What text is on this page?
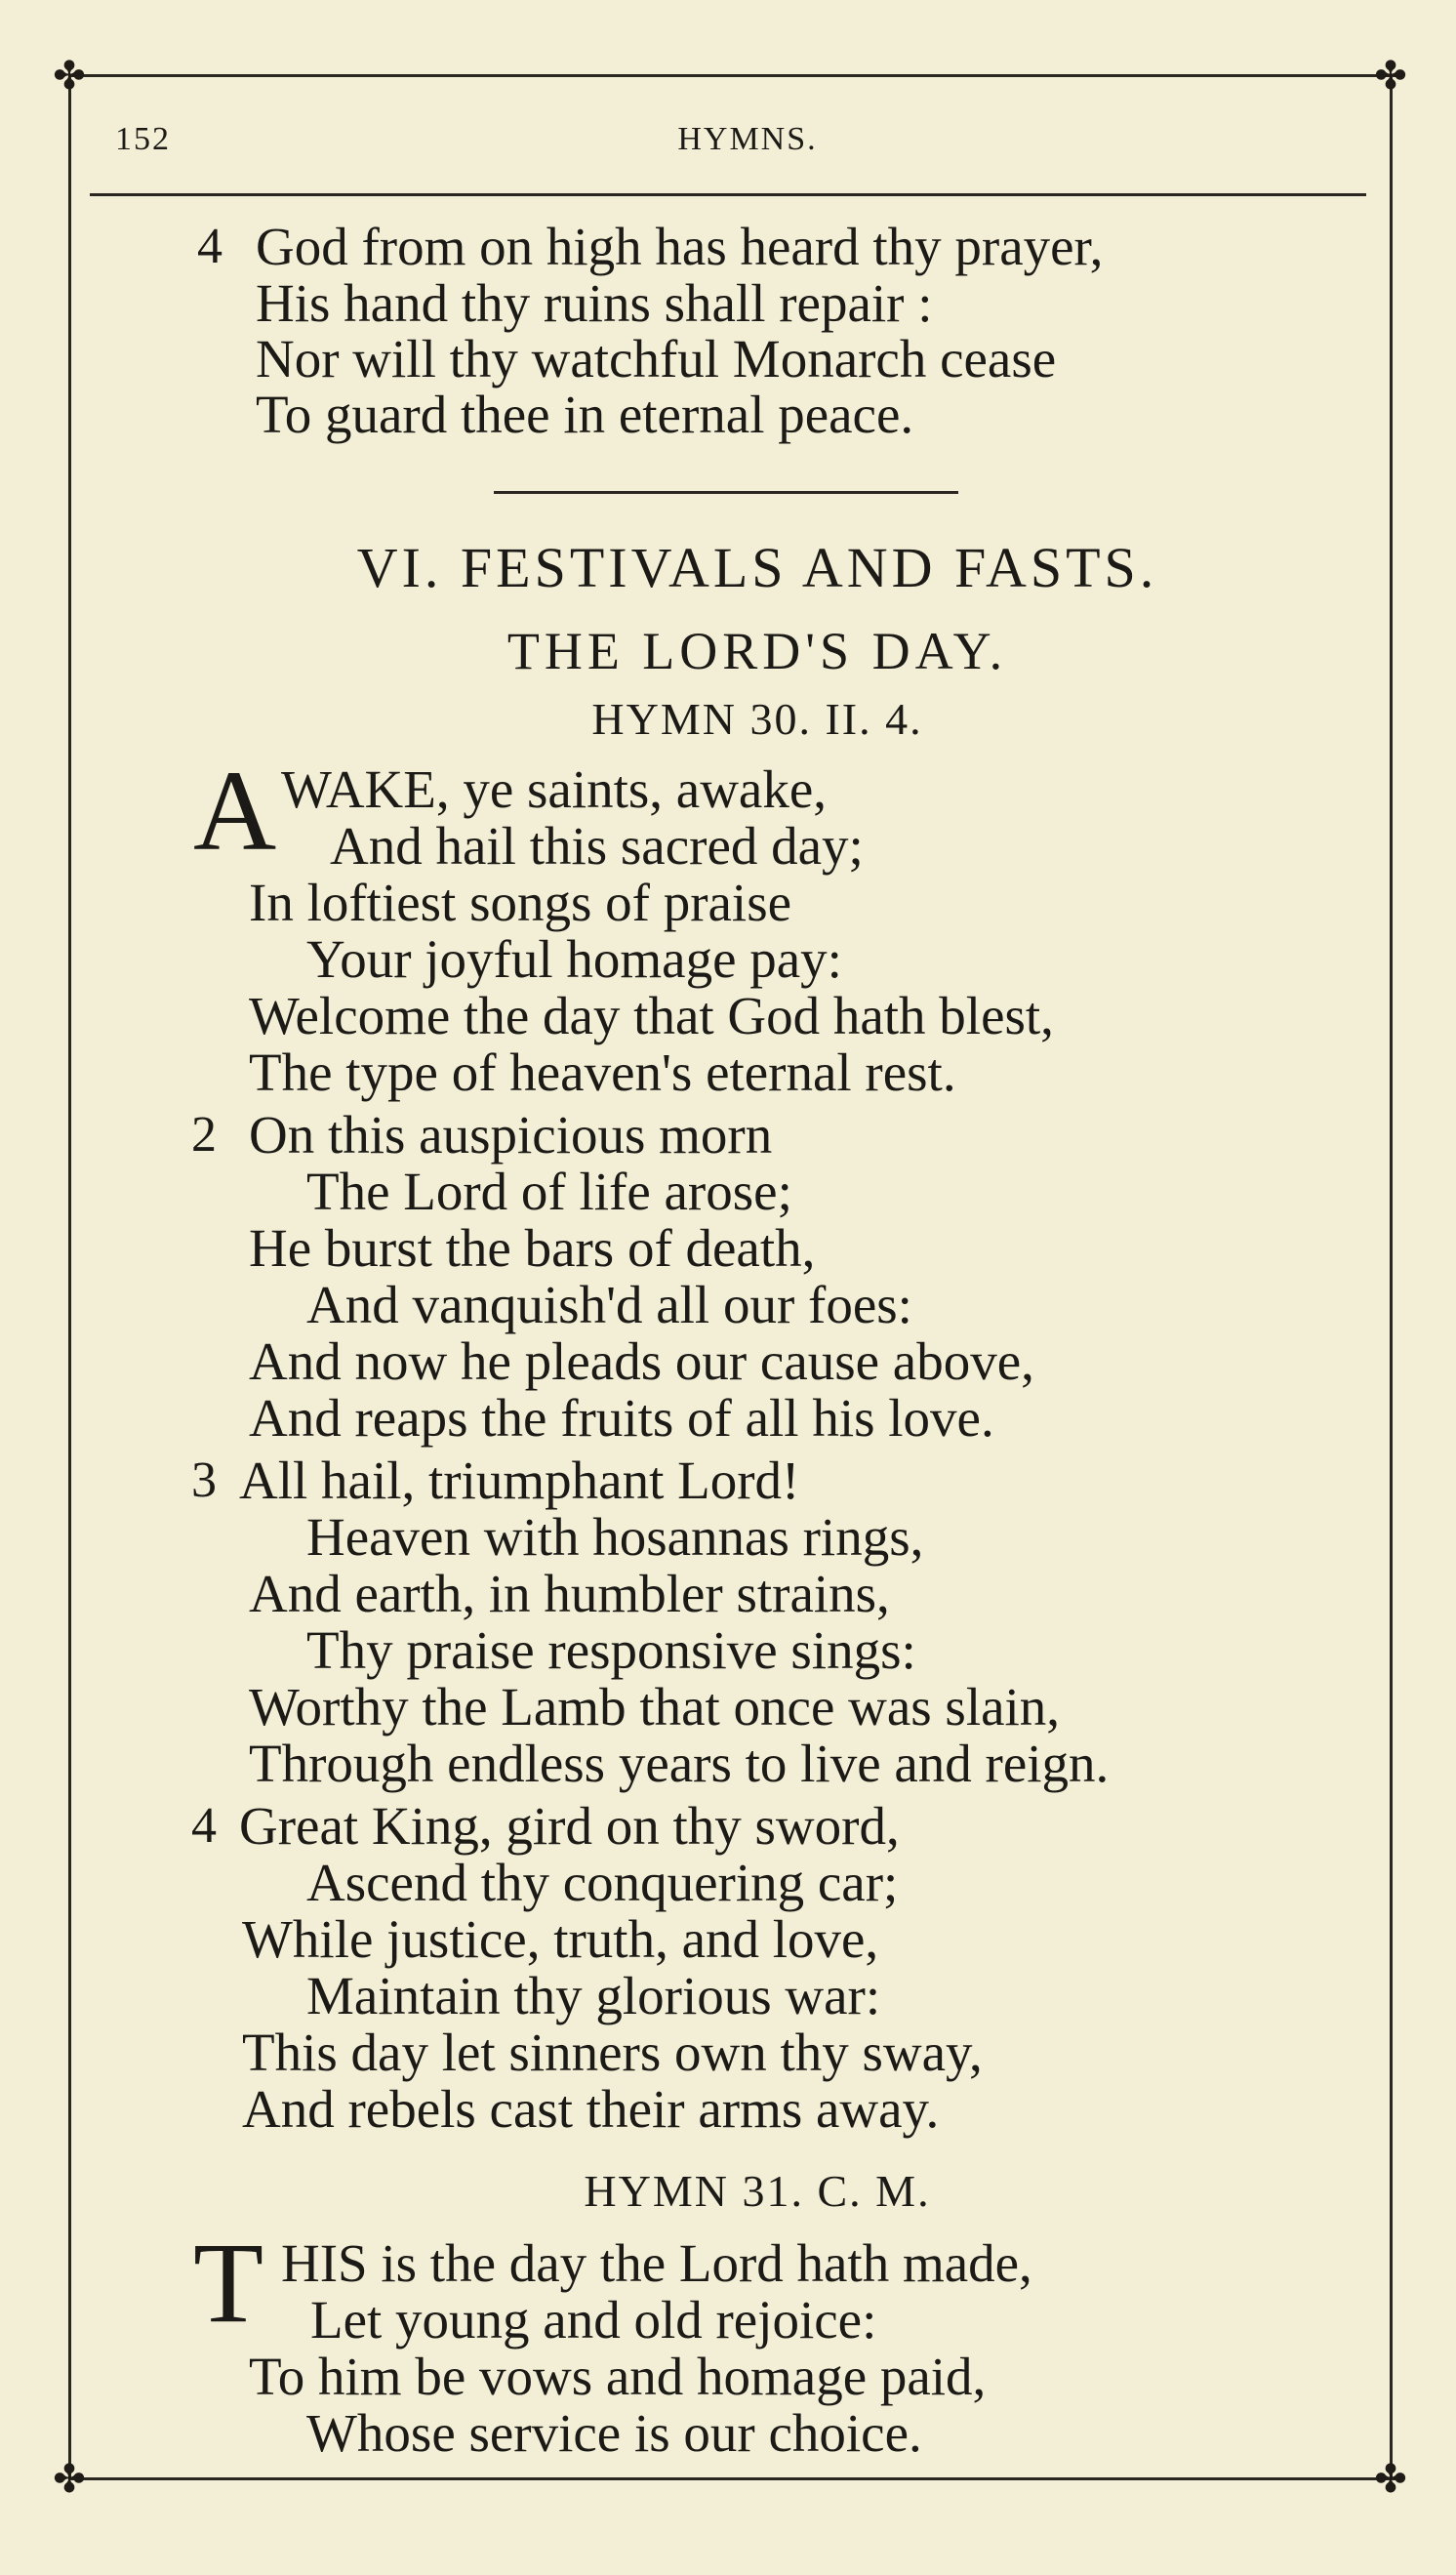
✤	✤
✤	✤
152	HYMNS.
4 God from on high has heard thy prayer,
His hand thy ruins shall repair :
Nor will thy watchful Monarch cease
To guard thee in eternal peace.
VI. FESTIVALS AND FASTS.
THE LORD'S DAY.
HYMN 30. II. 4.
A WAKE, ye saints, awake,
And hail this sacred day;
In loftiest songs of praise
Your joyful homage pay:
Welcome the day that God hath blest,
The type of heaven's eternal rest.
2 On this auspicious morn
The Lord of life arose;
He burst the bars of death,
And vanquish'd all our foes:
And now he pleads our cause above,
And reaps the fruits of all his love.
3 All hail, triumphant Lord!
Heaven with hosannas rings,
And earth, in humbler strains,
Thy praise responsive sings:
Worthy the Lamb that once was slain,
Through endless years to live and reign.
4 Great King, gird on thy sword,
Ascend thy conquering car;
While justice, truth, and love,
Maintain thy glorious war:
This day let sinners own thy sway,
And rebels cast their arms away.
HYMN 31. C. M.
T HIS is the day the Lord hath made,
Let young and old rejoice:
To him be vows and homage paid,
Whose service is our choice.
